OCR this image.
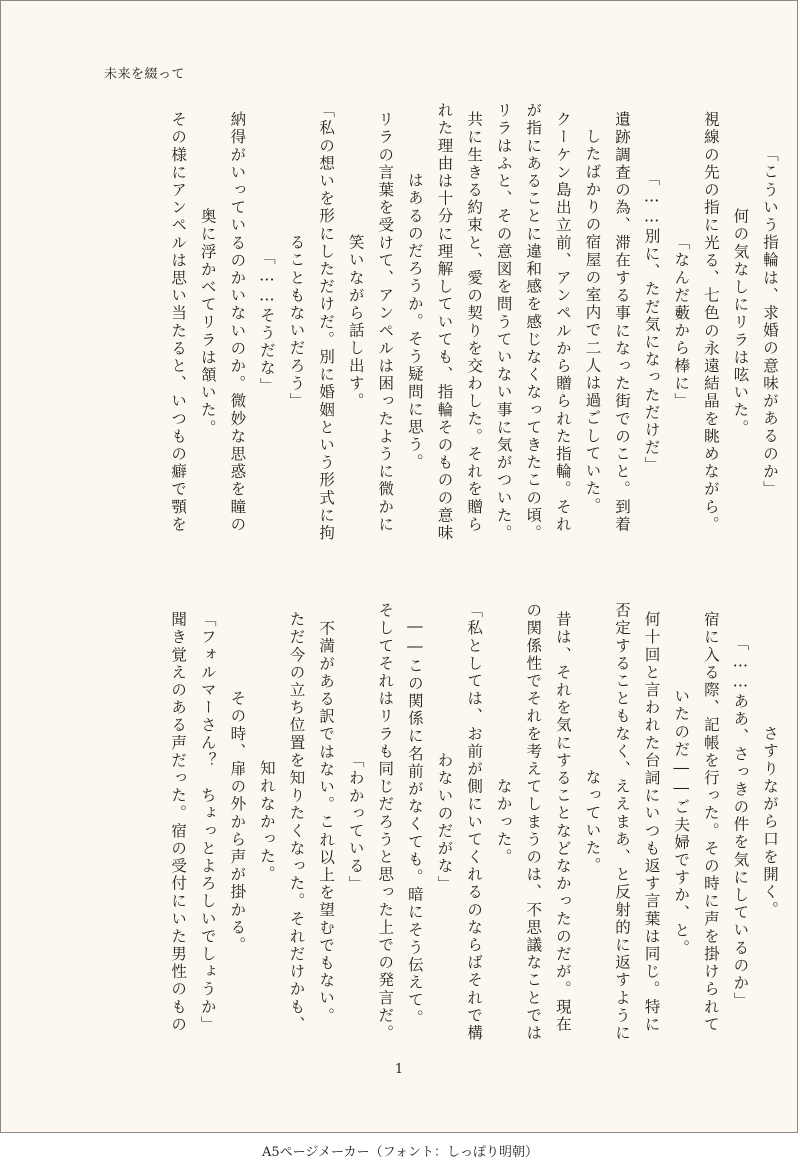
未来を綴って
「こういう指輪は、求婚の意味があるのか」
何の気なしにリラは呟いた。
視線の先の指に光る、七色の永遠結晶を眺めながら。
「なんだ藪から棒に」
「……別に、ただ気になっただけだ」
遺跡調査の為、滞在する事になった街でのこと。到着
したばかりの宿屋の室内で二人は過ごしていた。
クーケン島出立前、アンペルから贈られた指輪。それ
が指にあることに違和感を感じなくなってきたこの頃。
リラはふと、その意図を問うていない事に気がついた。
共に生きる約束と、愛の契りを交わした。それを贈ら
れた理由は十分に理解していても、指輪そのものの意味
はあるのだろうか。そう疑問に思う。
リラの言葉を受けて、アンペルは困ったように微かに
笑いながら話し出す。
「私の想いを形にしただけだ。別に婚姻という形式に拘
ることもないだろう」
「……そうだな」
納得がいっているのかいないのか。微妙な思惑を瞳の
奥に浮かべてリラは頷いた。
その様にアンペルは思い当たると、いつもの癖で顎を
さすりながら口を開く。
「……ああ、さっきの件を気にしているのか」
宿に入る際、記帳を行った。その時に声を掛けられて
いたのだ――ご夫婦ですか、と。
何十回と言われた台詞にいつも返す言葉は同じ。特に
否定することもなく、ええまあ、と反射的に返すように
なっていた。
昔は、それを気にすることなどなかったのだが。現在
の関係性でそれを考えてしまうのは、不思議なことでは
なかった。
「私としては、お前が側にいてくれるのならばそれで構
わないのだがな」
――この関係に名前がなくても。暗にそう伝えて。
そしてそれはリラも同じだろうと思った上での発言だ。
「わかっている」
不満がある訳ではない。これ以上を望むでもない。
ただ今の立ち位置を知りたくなった。それだけかも、
知れなかった。
その時、扉の外から声が掛かる。
「フォルマーさん？　ちょっとよろしいでしょうか」
聞き覚えのある声だった。宿の受付にいた男性のもの
1
A5ページメーカー（フォント：しっぽり明朝）
